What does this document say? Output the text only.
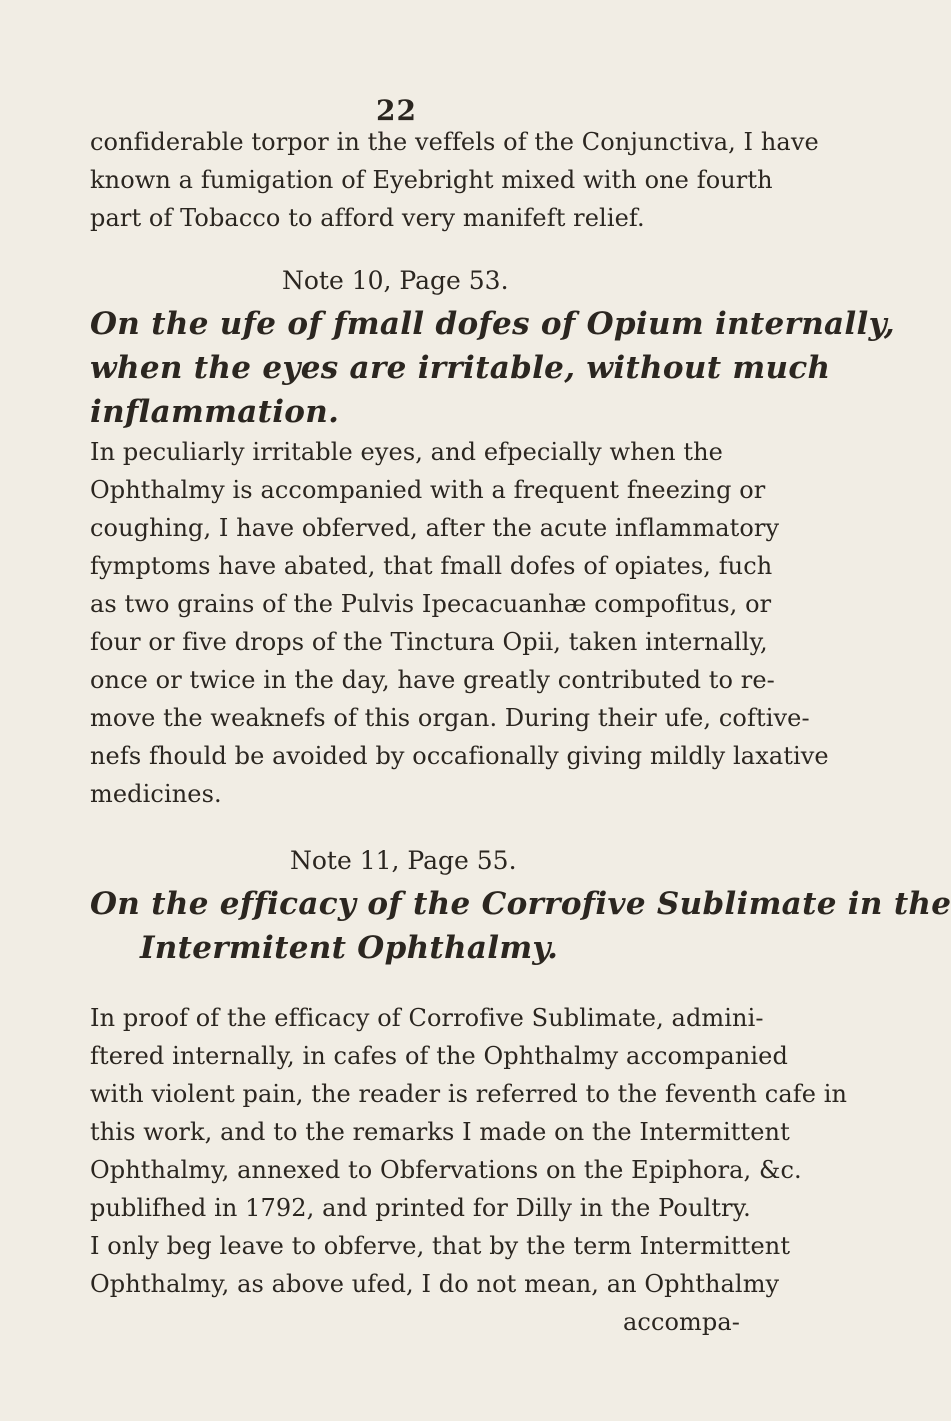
22
confiderable torpor in the veffels of the Conjunctiva, I have
known a fumigation of Eyebright mixed with one fourth
part of Tobacco to afford very manifeft relief.
Note 10, Page 53.
On the ufe of fmall dofes of Opium internally,
when the eyes are irritable, without much
inflammation.
In peculiarly irritable eyes, and efpecially when the
Ophthalmy is accompanied with a frequent fneezing or
coughing, I have obferved, after the acute inflammatory
fymptoms have abated, that fmall dofes of opiates, fuch
as two grains of the Pulvis Ipecacuanhæ compofitus, or
four or five drops of the Tinctura Opii, taken internally,
once or twice in the day, have greatly contributed to re-
move the weaknefs of this organ. During their ufe, coftive-
nefs fhould be avoided by occafionally giving mildly laxative
medicines.
Note 11, Page 55.
On the efficacy of the Corrofive Sublimate in the
Intermitent Ophthalmy.
In proof of the efficacy of Corrofive Sublimate, admini-
ftered internally, in cafes of the Ophthalmy accompanied
with violent pain, the reader is referred to the feventh cafe in
this work, and to the remarks I made on the Intermittent
Ophthalmy, annexed to Obfervations on the Epiphora, &c.
publifhed in 1792, and printed for Dilly in the Poultry.
I only beg leave to obferve, that by the term Intermittent
Ophthalmy, as above ufed, I do not mean, an Ophthalmy
accompa-
